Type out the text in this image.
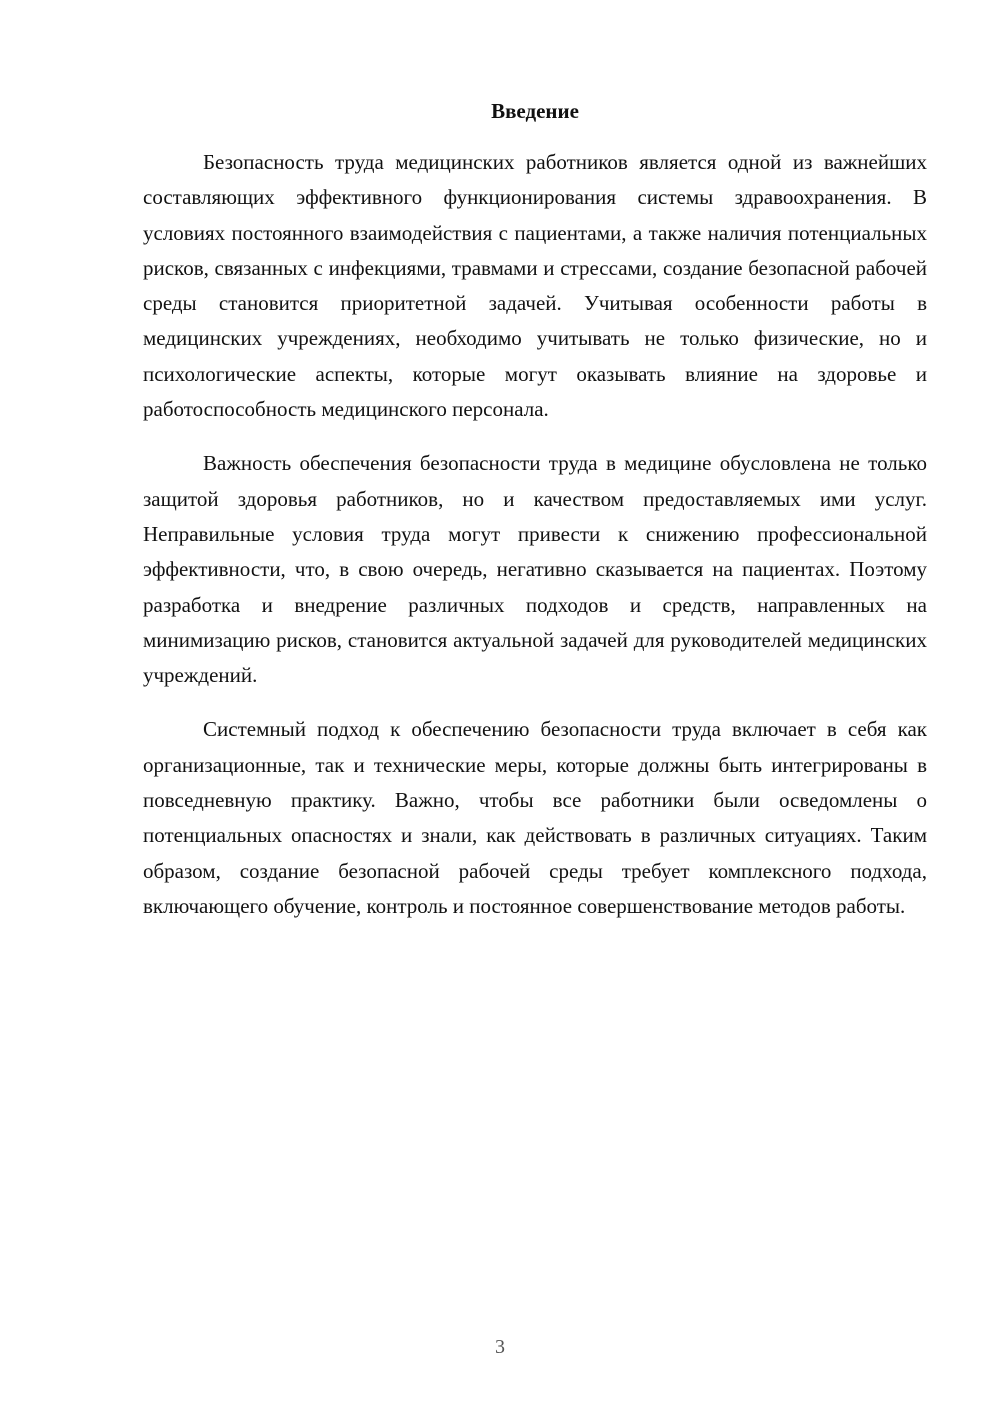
Введение

Безопасность труда медицинских работников является одной из важнейших составляющих эффективного функционирования системы здравоохранения. В условиях постоянного взаимодействия с пациентами, а также наличия потенциальных рисков, связанных с инфекциями, травмами и стрессами, создание безопасной рабочей среды становится приоритетной задачей. Учитывая особенности работы в медицинских учреждениях, необходимо учитывать не только физические, но и психологические аспекты, которые могут оказывать влияние на здоровье и работоспособность медицинского персонала.

Важность обеспечения безопасности труда в медицине обусловлена не только защитой здоровья работников, но и качеством предоставляемых ими услуг. Неправильные условия труда могут привести к снижению профессиональной эффективности, что, в свою очередь, негативно сказывается на пациентах. Поэтому разработка и внедрение различных подходов и средств, направленных на минимизацию рисков, становится актуальной задачей для руководителей медицинских учреждений.

Системный подход к обеспечению безопасности труда включает в себя как организационные, так и технические меры, которые должны быть интегрированы в повседневную практику. Важно, чтобы все работники были осведомлены о потенциальных опасностях и знали, как действовать в различных ситуациях. Таким образом, создание безопасной рабочей среды требует комплексного подхода, включающего обучение, контроль и постоянное совершенствование методов работы.

3
